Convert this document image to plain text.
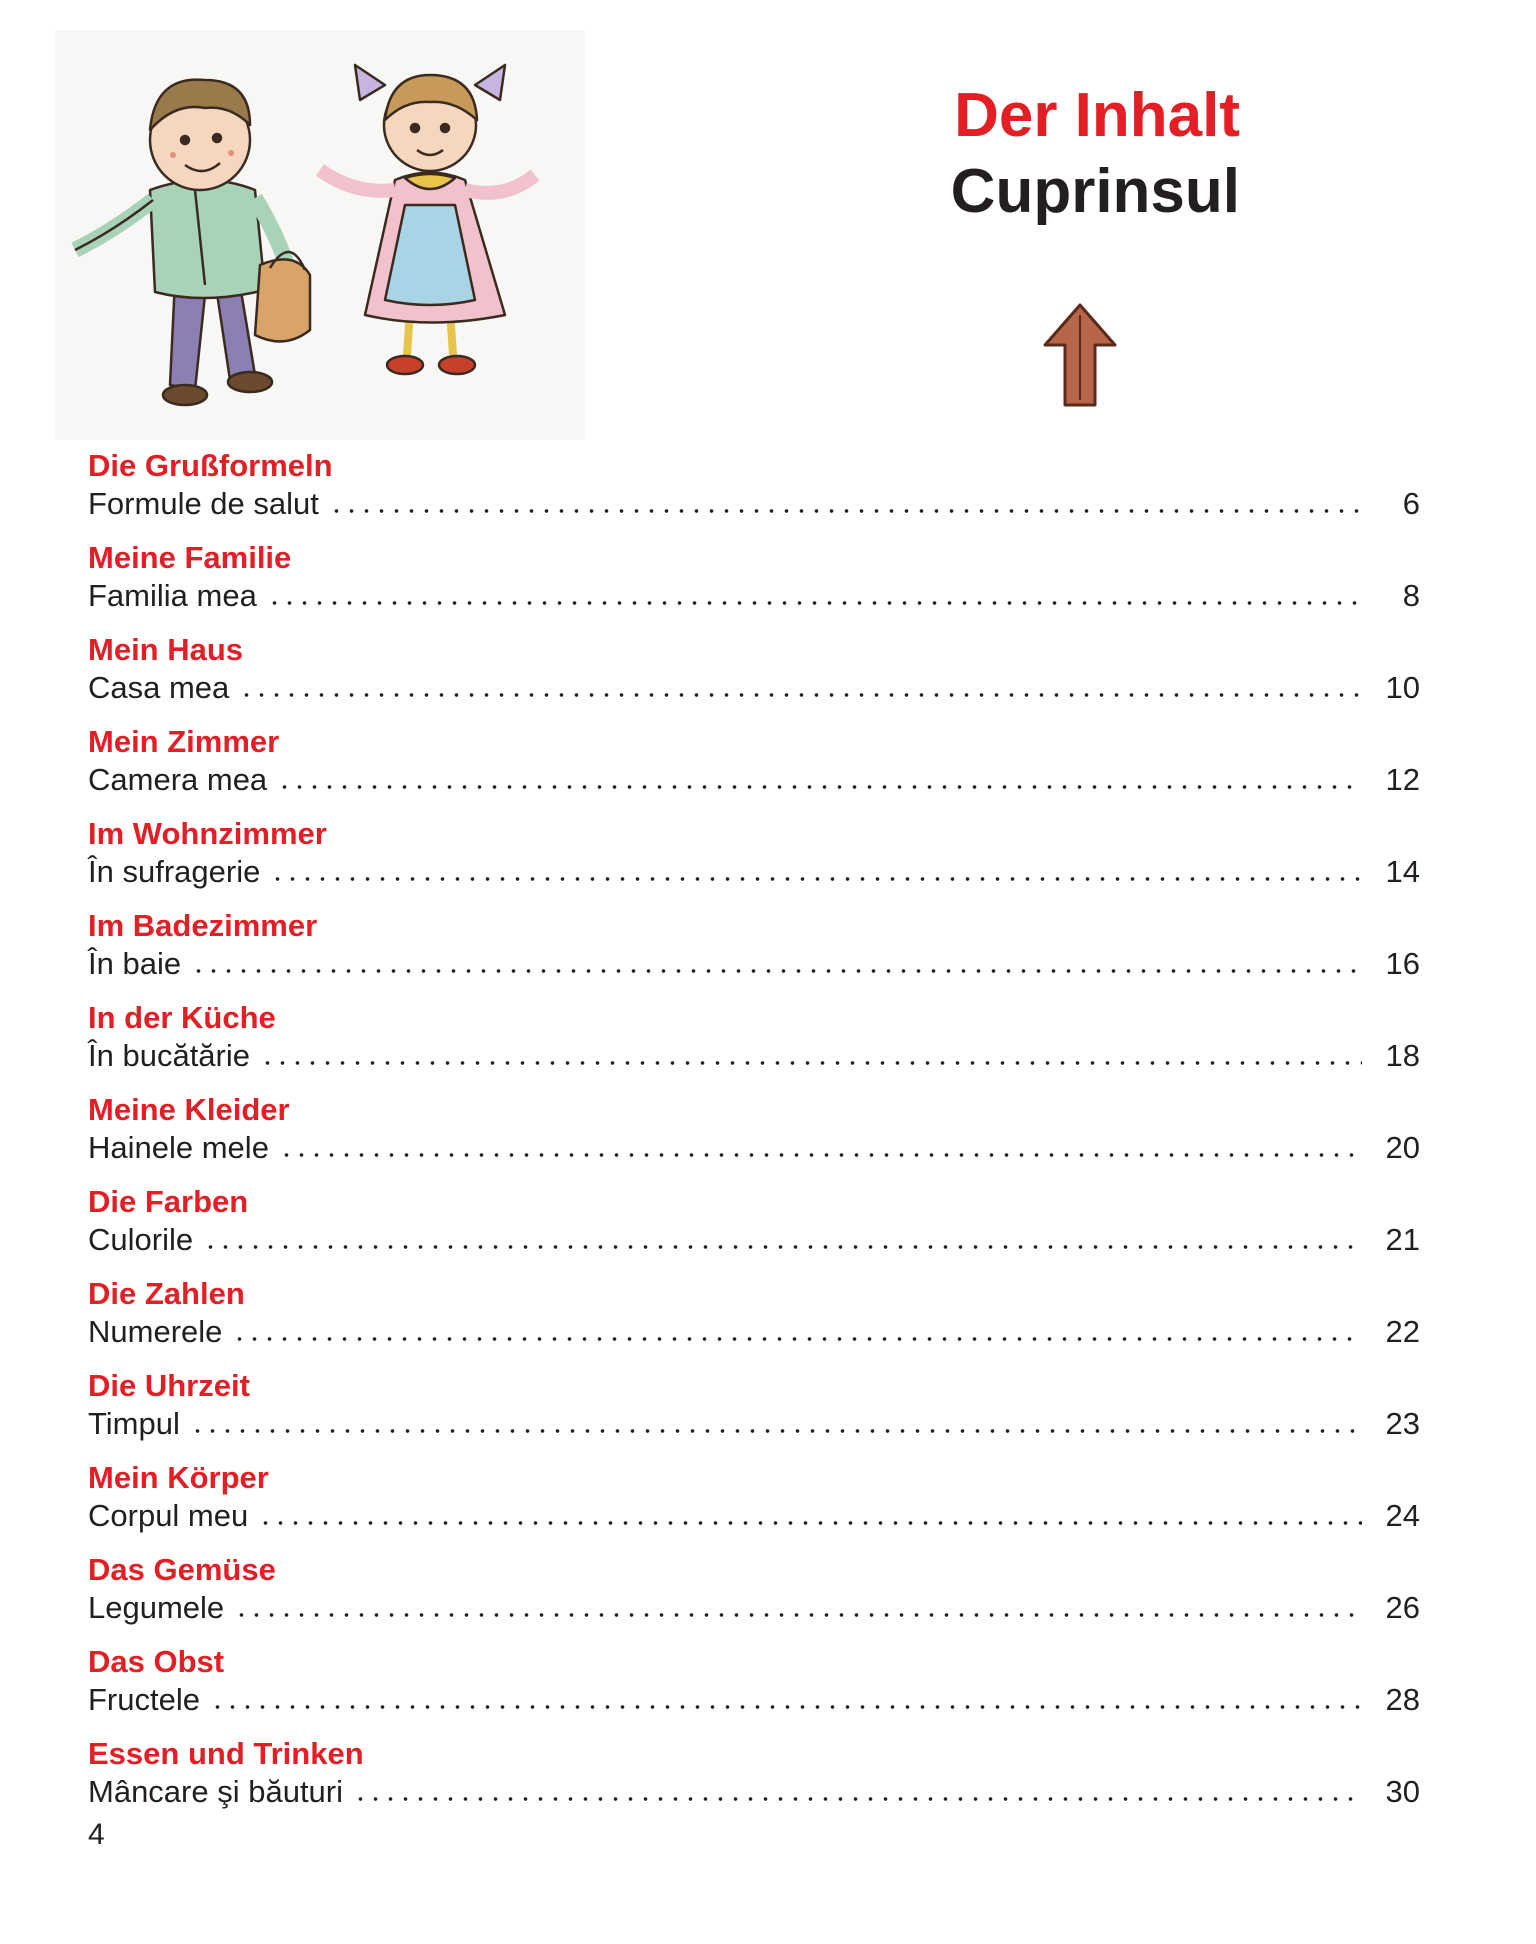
Der Inhalt
Cuprinsul
Die Grußformeln
Formule de salut	6
Meine Familie
Familia mea	8
Mein Haus
Casa mea	10
Mein Zimmer
Camera mea	12
Im Wohnzimmer
În sufragerie	14
Im Badezimmer
În baie	16
In der Küche
În bucătărie	18
Meine Kleider
Hainele mele	20
Die Farben
Culorile	21
Die Zahlen
Numerele	22
Die Uhrzeit
Timpul	23
Mein Körper
Corpul meu	24
Das Gemüse
Legumele	26
Das Obst
Fructele	28
Essen und Trinken
Mâncare şi băuturi	30
4
